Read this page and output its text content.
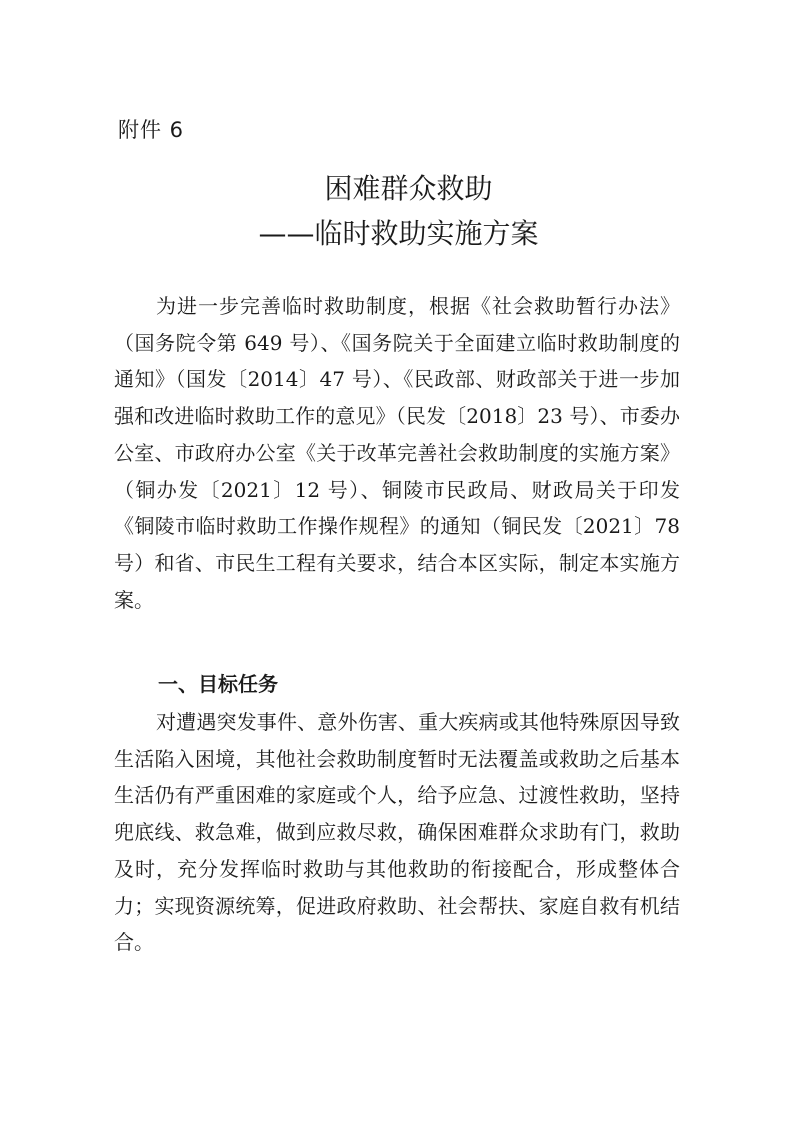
附件 6
困难群众救助
——临时救助实施方案

为进一步完善临时救助制度，根据《社会救助暂行办法》（国务院令第 649 号）、《国务院关于全面建立临时救助制度的通知》（国发〔2014〕47 号）、《民政部、财政部关于进一步加强和改进临时救助工作的意见》（民发〔2018〕23 号）、市委办公室、市政府办公室《关于改革完善社会救助制度的实施方案》（铜办发〔2021〕12 号）、铜陵市民政局、财政局关于印发《铜陵市临时救助工作操作规程》的通知（铜民发〔2021〕78 号）和省、市民生工程有关要求，结合本区实际，制定本实施方案。

一、目标任务

对遭遇突发事件、意外伤害、重大疾病或其他特殊原因导致生活陷入困境，其他社会救助制度暂时无法覆盖或救助之后基本生活仍有严重困难的家庭或个人，给予应急、过渡性救助，坚持兜底线、救急难，做到应救尽救，确保困难群众求助有门，救助及时，充分发挥临时救助与其他救助的衔接配合，形成整体合力；实现资源统筹，促进政府救助、社会帮扶、家庭自救有机结合。
